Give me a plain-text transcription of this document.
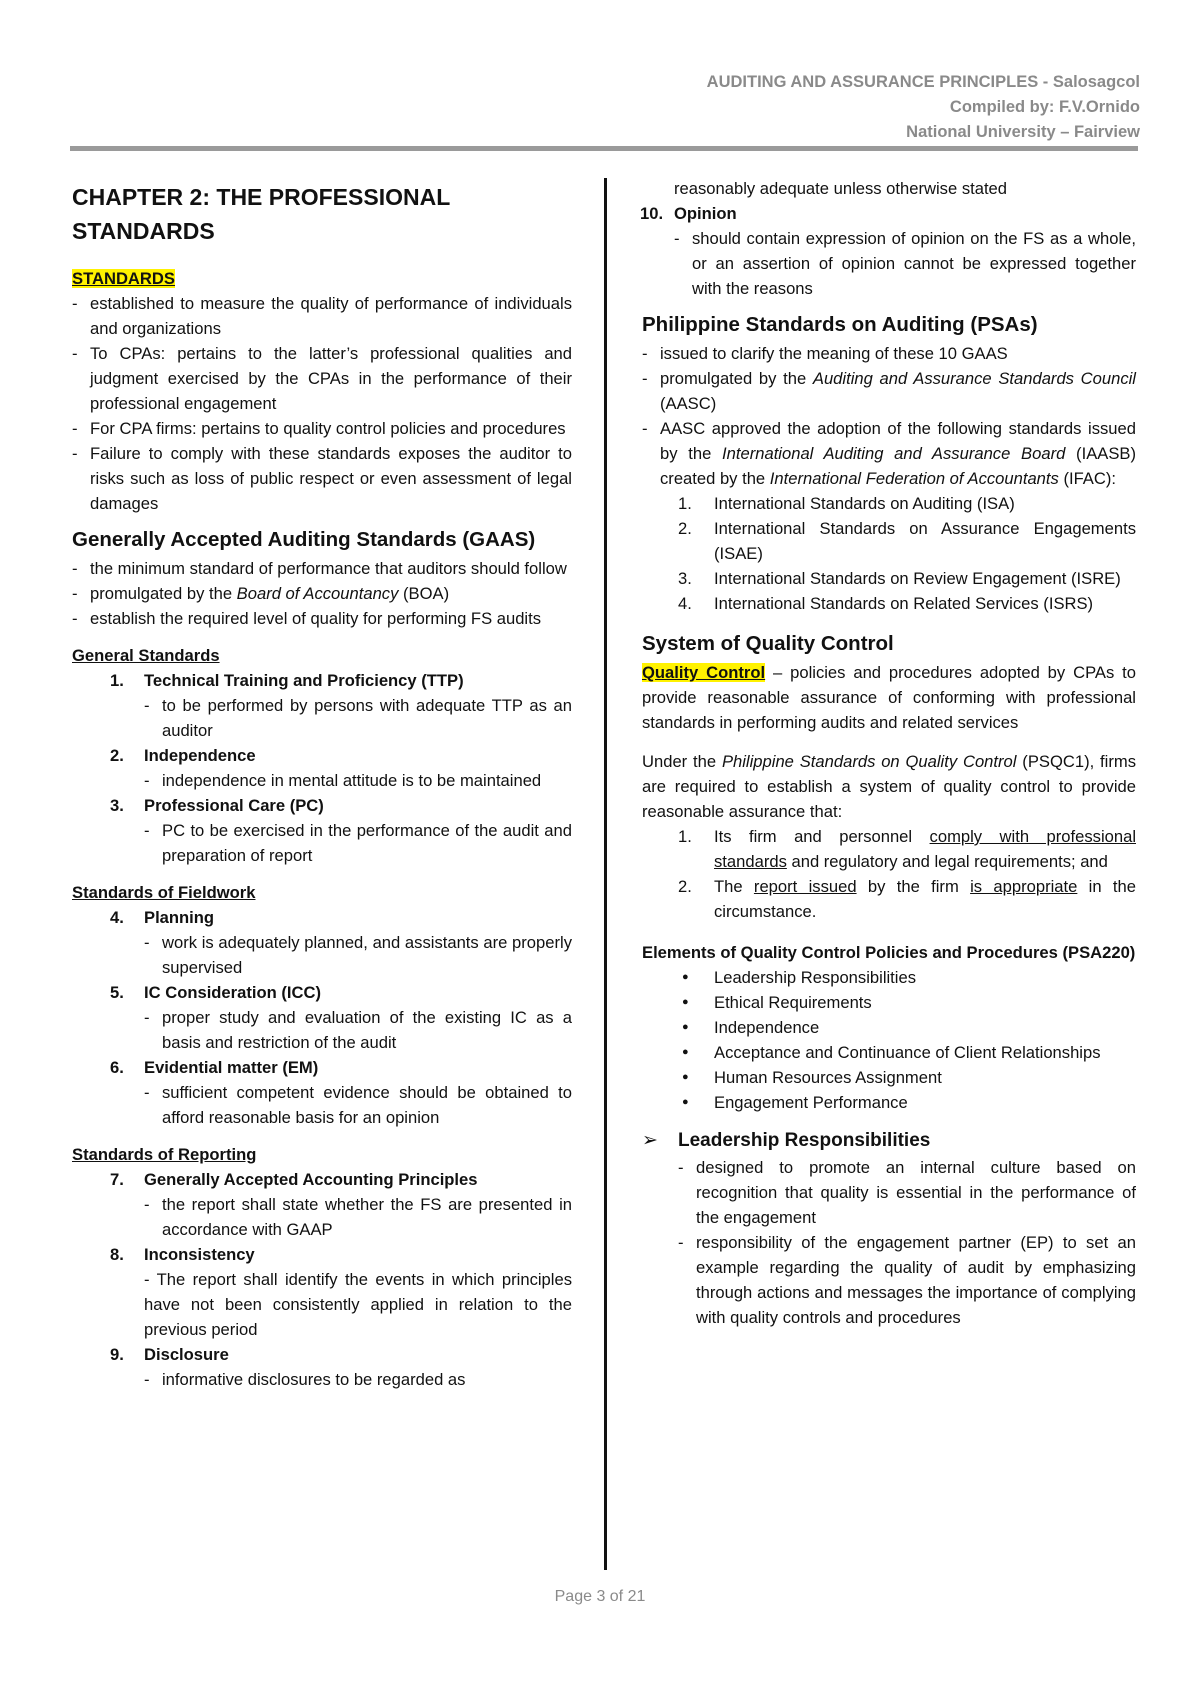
AUDITING AND ASSURANCE PRINCIPLES - Salosagcol
Compiled by: F.V.Ornido
National University – Fairview
CHAPTER 2: THE PROFESSIONAL STANDARDS
STANDARDS
- established to measure the quality of performance of individuals and organizations
- To CPAs: pertains to the latter’s professional qualities and judgment exercised by the CPAs in the performance of their professional engagement
- For CPA firms: pertains to quality control policies and procedures
- Failure to comply with these standards exposes the auditor to risks such as loss of public respect or even assessment of legal damages
Generally Accepted Auditing Standards (GAAS)
- the minimum standard of performance that auditors should follow
- promulgated by the Board of Accountancy (BOA)
- establish the required level of quality for performing FS audits
General Standards
1. Technical Training and Proficiency (TTP)
- to be performed by persons with adequate TTP as an auditor
2. Independence
- independence in mental attitude is to be maintained
3. Professional Care (PC)
- PC to be exercised in the performance of the audit and preparation of report
Standards of Fieldwork
4. Planning
- work is adequately planned, and assistants are properly supervised
5. IC Consideration (ICC)
- proper study and evaluation of the existing IC as a basis and restriction of the audit
6. Evidential matter (EM)
- sufficient competent evidence should be obtained to afford reasonable basis for an opinion
Standards of Reporting
7. Generally Accepted Accounting Principles
- the report shall state whether the FS are presented in accordance with GAAP
8. Inconsistency
- The report shall identify the events in which principles have not been consistently applied in relation to the previous period
9. Disclosure
- informative disclosures to be regarded as
reasonably adequate unless otherwise stated
10. Opinion
- should contain expression of opinion on the FS as a whole, or an assertion of opinion cannot be expressed together with the reasons
Philippine Standards on Auditing (PSAs)
- issued to clarify the meaning of these 10 GAAS
- promulgated by the Auditing and Assurance Standards Council (AASC)
- AASC approved the adoption of the following standards issued by the International Auditing and Assurance Board (IAASB) created by the International Federation of Accountants (IFAC):
1. International Standards on Auditing (ISA)
2. International Standards on Assurance Engagements (ISAE)
3. International Standards on Review Engagement (ISRE)
4. International Standards on Related Services (ISRS)
System of Quality Control
Quality Control – policies and procedures adopted by CPAs to provide reasonable assurance of conforming with professional standards in performing audits and related services
Under the Philippine Standards on Quality Control (PSQC1), firms are required to establish a system of quality control to provide reasonable assurance that:
1. Its firm and personnel comply with professional standards and regulatory and legal requirements; and
2. The report issued by the firm is appropriate in the circumstance.
Elements of Quality Control Policies and Procedures (PSA220)
● Leadership Responsibilities
● Ethical Requirements
● Independence
● Acceptance and Continuance of Client Relationships
● Human Resources Assignment
● Engagement Performance
➢ Leadership Responsibilities
- designed to promote an internal culture based on recognition that quality is essential in the performance of the engagement
- responsibility of the engagement partner (EP) to set an example regarding the quality of audit by emphasizing through actions and messages the importance of complying with quality controls and procedures
Page 3 of 21
